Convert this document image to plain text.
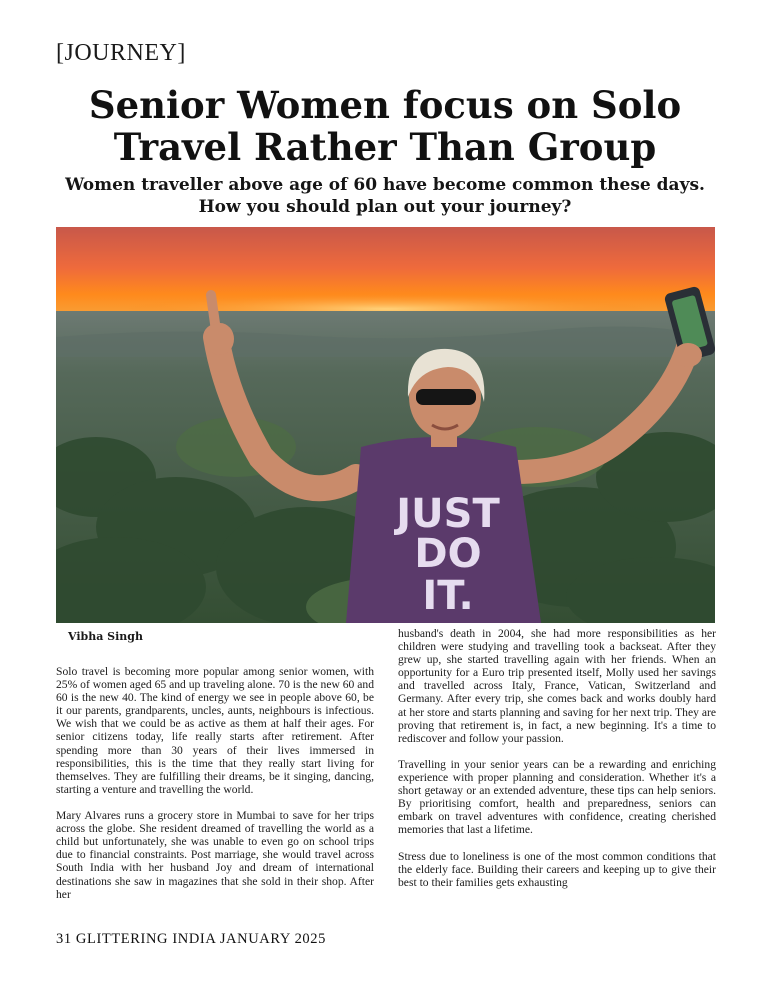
[JOURNEY]
Senior Women focus on Solo
Travel Rather Than Group
Women traveller above age of 60 have become common these days.
How you should plan out your journey?
JUST
DO
IT.
Vibha Singh

Solo travel is becoming more popular among senior women, with 25% of women aged 65 and up traveling alone. 70 is the new 60 and 60 is the new 40. The kind of energy we see in people above 60, be it our parents, grandparents, uncles, aunts, neighbours is infectious. We wish that we could be as active as them at half their ages. For senior citizens today, life really starts after retirement. After spending more than 30 years of their lives immersed in responsibilities, this is the time that they really start living for themselves. They are fulfilling their dreams, be it singing, dancing, starting a venture and travelling the world.

Mary Alvares runs a grocery store in Mumbai to save for her trips across the globe. She resident dreamed of travelling the world as a child but unfortunately, she was unable to even go on school trips due to financial constraints. Post marriage, she would travel across South India with her husband Joy and dream of international destinations she saw in magazines that she sold in their shop. After her

husband's death in 2004, she had more responsibilities as her children were studying and travelling took a backseat. After they grew up, she started travelling again with her friends. When an opportunity for a Euro trip presented itself, Molly used her savings and travelled across Italy, France, Vatican, Switzerland and Germany. After every trip, she comes back and works doubly hard at her store and starts planning and saving for her next trip. They are proving that retirement is, in fact, a new beginning. It's a time to rediscover and follow your passion.

Travelling in your senior years can be a rewarding and enriching experience with proper planning and consideration. Whether it's a short getaway or an extended adventure, these tips can help seniors. By prioritising comfort, health and preparedness, seniors can embark on travel adventures with confidence, creating cherished memories that last a lifetime.

Stress due to loneliness is one of the most common conditions that the elderly face. Building their careers and keeping up to give their best to their families gets exhausting

31 GLITTERING INDIA JANUARY 2025
